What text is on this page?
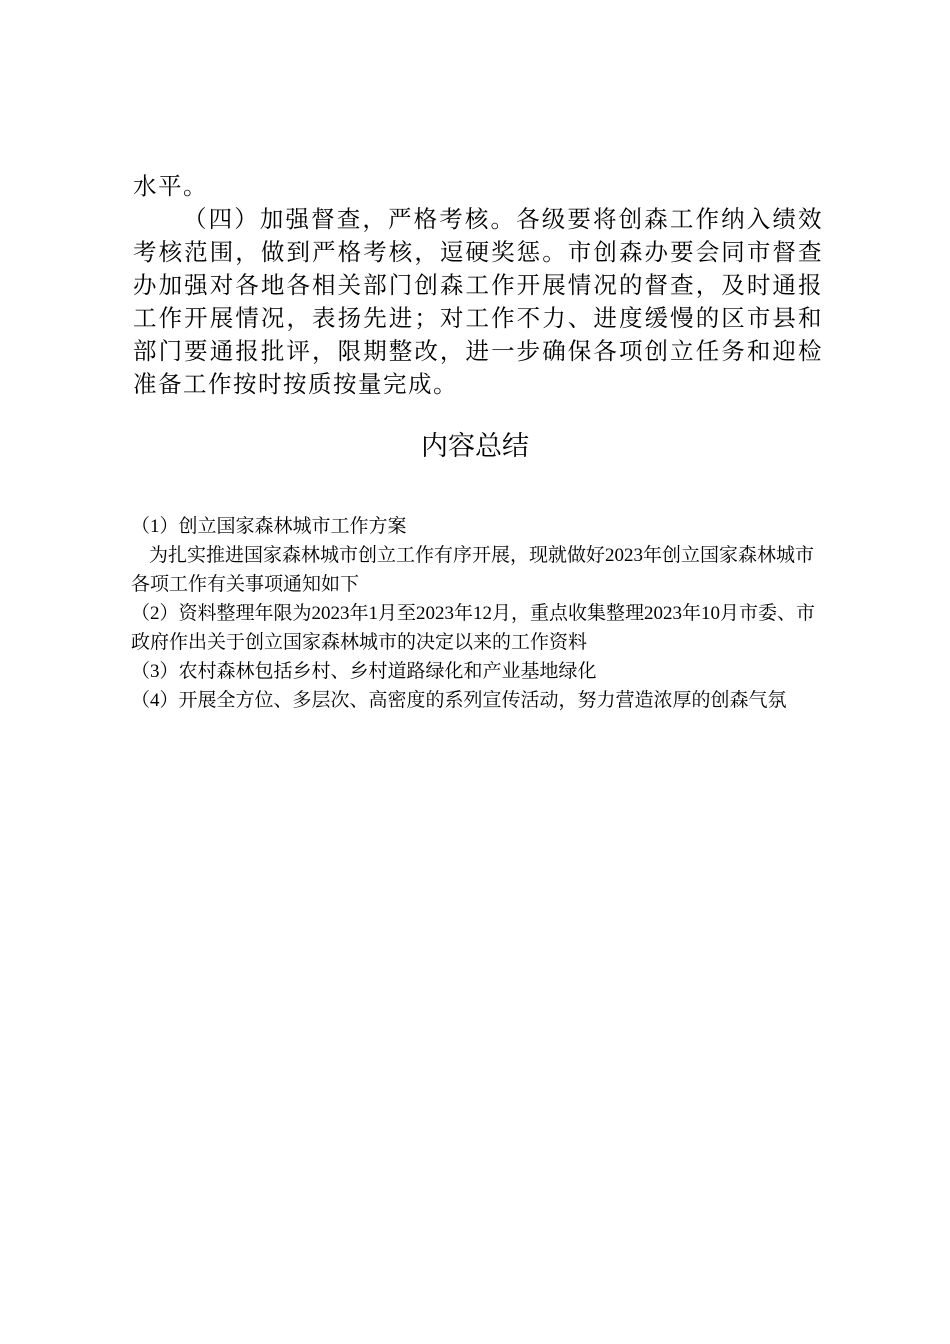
水平。

（四）加强督查，严格考核。各级要将创森工作纳入绩效考核范围，做到严格考核，逗硬奖惩。市创森办要会同市督查办加强对各地各相关部门创森工作开展情况的督查，及时通报工作开展情况，表扬先进；对工作不力、进度缓慢的区市县和部门要通报批评，限期整改，进一步确保各项创立任务和迎检准备工作按时按质按量完成。

内容总结

（1）创立国家森林城市工作方案

为扎实推进国家森林城市创立工作有序开展，现就做好2023年创立国家森林城市各项工作有关事项通知如下

（2）资料整理年限为2023年1月至2023年12月，重点收集整理2023年10月市委、市政府作出关于创立国家森林城市的决定以来的工作资料

（3）农村森林包括乡村、乡村道路绿化和产业基地绿化

（4）开展全方位、多层次、高密度的系列宣传活动，努力营造浓厚的创森气氛
